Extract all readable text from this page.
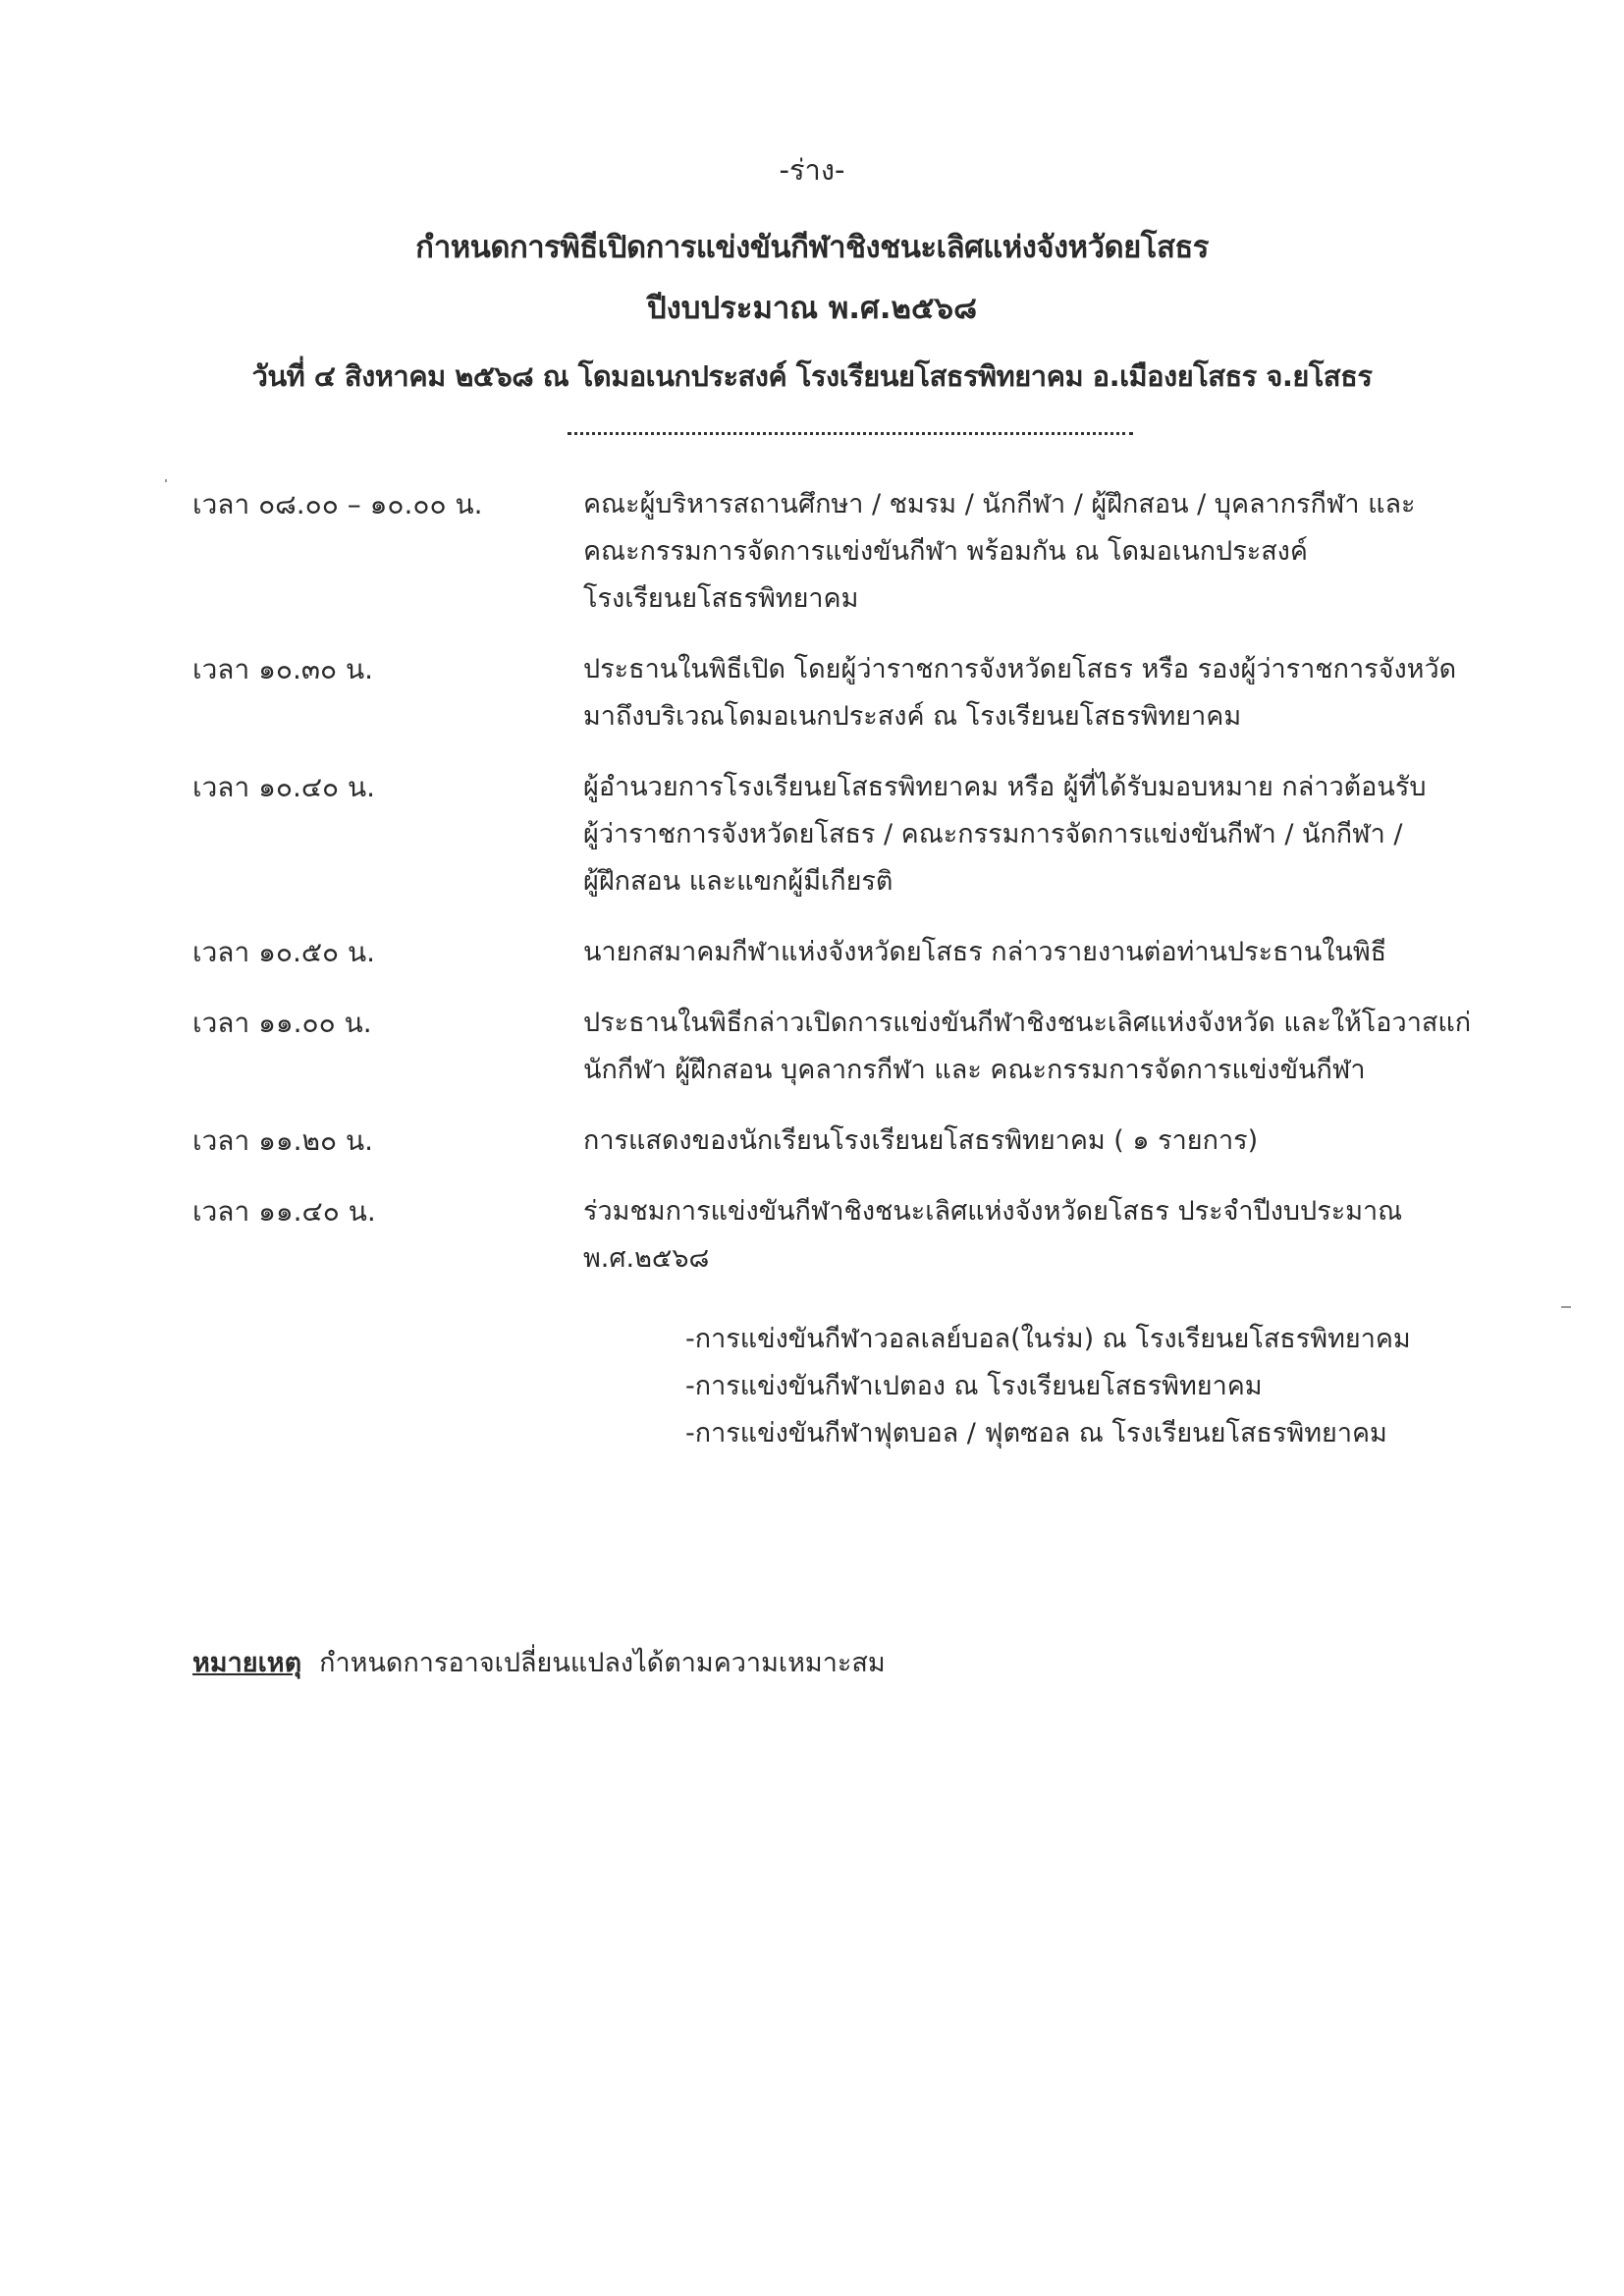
-ร่าง-
กำหนดการพิธีเปิดการแข่งขันกีฬาชิงชนะเลิศแห่งจังหวัดยโสธร
ปีงบประมาณ พ.ศ.๒๕๖๘
วันที่ ๔ สิงหาคม ๒๕๖๘ ณ โดมอเนกประสงค์ โรงเรียนยโสธรพิทยาคม อ.เมืองยโสธร จ.ยโสธร
เวลา ๐๘.๐๐ – ๑๐.๐๐ น.	คณะผู้บริหารสถานศึกษา / ชมรม / นักกีฬา / ผู้ฝึกสอน / บุคลากรกีฬา และ
คณะกรรมการจัดการแข่งขันกีฬา พร้อมกัน ณ โดมอเนกประสงค์
โรงเรียนยโสธรพิทยาคม
เวลา ๑๐.๓๐ น.	ประธานในพิธีเปิด โดยผู้ว่าราชการจังหวัดยโสธร หรือ รองผู้ว่าราชการจังหวัด
มาถึงบริเวณโดมอเนกประสงค์ ณ โรงเรียนยโสธรพิทยาคม
เวลา ๑๐.๔๐ น.	ผู้อำนวยการโรงเรียนยโสธรพิทยาคม หรือ ผู้ที่ได้รับมอบหมาย กล่าวต้อนรับ
ผู้ว่าราชการจังหวัดยโสธร / คณะกรรมการจัดการแข่งขันกีฬา / นักกีฬา /
ผู้ฝึกสอน และแขกผู้มีเกียรติ
เวลา ๑๐.๕๐ น.	นายกสมาคมกีฬาแห่งจังหวัดยโสธร กล่าวรายงานต่อท่านประธานในพิธี
เวลา ๑๑.๐๐ น.	ประธานในพิธีกล่าวเปิดการแข่งขันกีฬาชิงชนะเลิศแห่งจังหวัด และให้โอวาสแก่
นักกีฬา ผู้ฝึกสอน บุคลากรกีฬา และ คณะกรรมการจัดการแข่งขันกีฬา
เวลา ๑๑.๒๐ น.	การแสดงของนักเรียนโรงเรียนยโสธรพิทยาคม ( ๑ รายการ)
เวลา ๑๑.๔๐ น.	ร่วมชมการแข่งขันกีฬาชิงชนะเลิศแห่งจังหวัดยโสธร ประจำปีงบประมาณ
พ.ศ.๒๕๖๘
-การแข่งขันกีฬาวอลเลย์บอล(ในร่ม) ณ โรงเรียนยโสธรพิทยาคม
-การแข่งขันกีฬาเปตอง ณ โรงเรียนยโสธรพิทยาคม
-การแข่งขันกีฬาฟุตบอล / ฟุตซอล ณ โรงเรียนยโสธรพิทยาคม
หมายเหตุ กำหนดการอาจเปลี่ยนแปลงได้ตามความเหมาะสม
